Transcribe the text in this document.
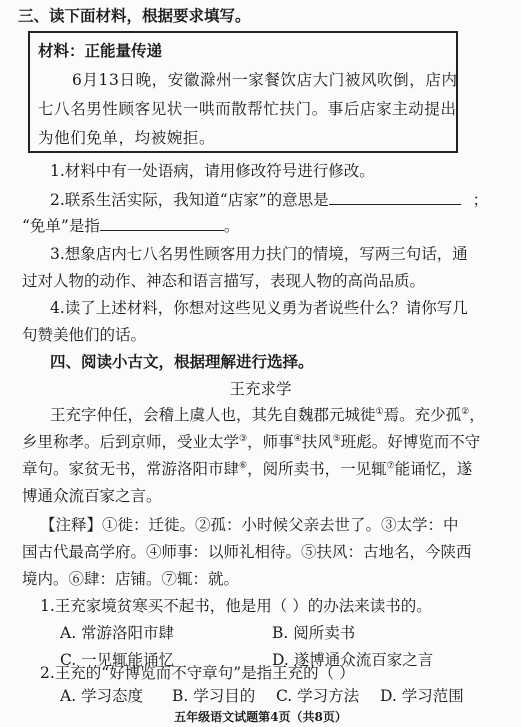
三、读下面材料，根据要求填写。
材料：正能量传递
6月13日晚，安徽滁州一家餐饮店大门被风吹倒，店内
七八名男性顾客见状一哄而散帮忙扶门。事后店家主动提出
为他们免单，均被婉拒。
1.材料中有一处语病，请用修改符号进行修改。
2.联系生活实际，我知道“店家”的意思是	；
“免单”是指	。
3.想象店内七八名男性顾客用力扶门的情境，写两三句话，通
过对人物的动作、神态和语言描写，表现人物的高尚品质。
4.读了上述材料，你想对这些见义勇为者说些什么？请你写几
句赞美他们的话。
四、阅读小古文，根据理解进行选择。
王充求学
王充字仲任，会稽上虞人也，其先自魏郡元城徙①焉。充少孤②，
乡里称孝。后到京师，受业太学③，师事④扶风⑤班彪。好博览而不守
章句。家贫无书，常游洛阳市肆⑥，阅所卖书，一见辄⑦能诵忆，遂
博通众流百家之言。
【注释】①徙：迁徙。②孤：小时候父亲去世了。③太学：中
国古代最高学府。④师事：以师礼相待。⑤扶风：古地名，今陕西
境内。⑥肆：店铺。⑦辄：就。
1.王充家境贫寒买不起书，他是用（ ）的办法来读书的。
A. 常游洛阳市肆	B. 阅所卖书
C. 一见辄能诵忆	D. 遂博通众流百家之言
2.王充的“好博览而不守章句”是指王充的（ ）
A. 学习态度 B. 学习目的 C. 学习方法 D. 学习范围
五年级语文试题第4页（共8页）
